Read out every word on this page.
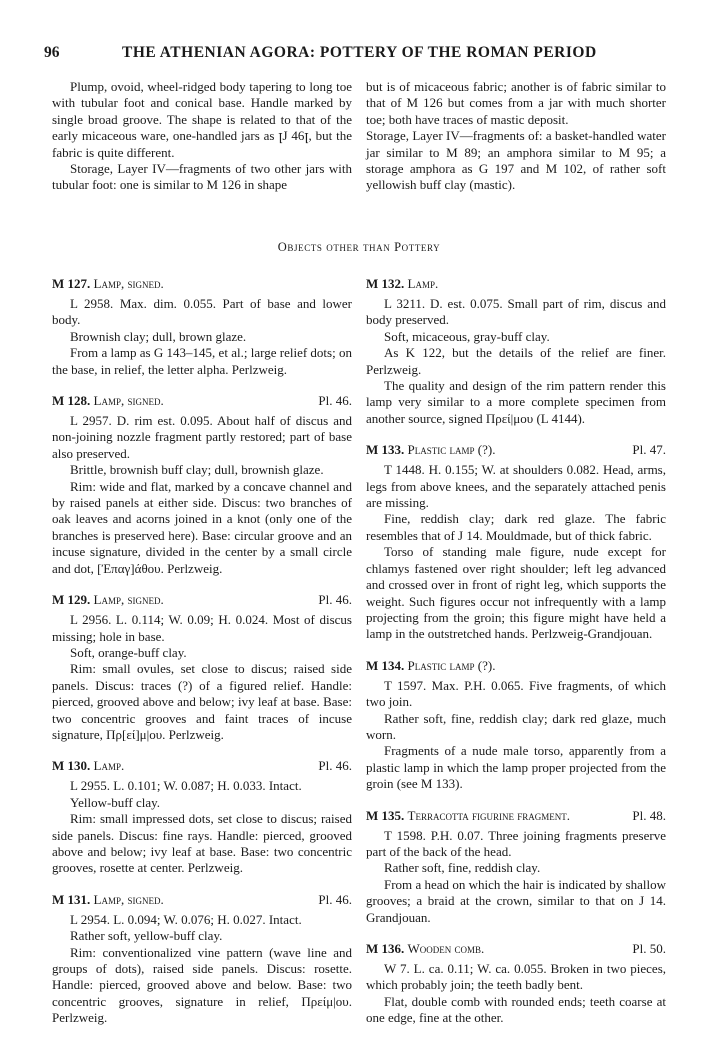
96	THE ATHENIAN AGORA: POTTERY OF THE ROMAN PERIOD

Plump, ovoid, wheel-ridged body tapering to long toe with tubular foot and conical base. Handle marked by single broad groove. The shape is related to that of the early micaceous ware, one-handled jars as ꞁJ 46ꞁ, but the fabric is quite different.

Storage, Layer IV—fragments of two other jars with tubular foot: one is similar to M 126 in shape

but is of micaceous fabric; another is of fabric similar to that of M 126 but comes from a jar with much shorter toe; both have traces of mastic deposit.

Storage, Layer IV—fragments of: a basket-handled water jar similar to M 89; an amphora similar to M 95; a storage amphora as G 197 and M 102, of rather soft yellowish buff clay (mastic).

Objects other than Pottery
M 127. Lamp, signed.

L 2958. Max. dim. 0.055. Part of base and lower body.

Brownish clay; dull, brown glaze.

From a lamp as G 143–145, et al.; large relief dots; on the base, in relief, the letter alpha. Perlzweig.

M 128. Lamp, signed.	Pl. 46.

L 2957. D. rim est. 0.095. About half of discus and non-joining nozzle fragment partly restored; part of base also preserved.

Brittle, brownish buff clay; dull, brownish glaze.

Rim: wide and flat, marked by a concave channel and by raised panels at either side. Discus: two branches of oak leaves and acorns joined in a knot (only one of the branches is preserved here). Base: circular groove and an incuse signature, divided in the center by a small circle and dot, [Ἐπαγ]άθου. Perlzweig.

M 129. Lamp, signed.	Pl. 46.

L 2956. L. 0.114; W. 0.09; H. 0.024. Most of discus missing; hole in base.

Soft, orange-buff clay.

Rim: small ovules, set close to discus; raised side panels. Discus: traces (?) of a figured relief. Handle: pierced, grooved above and below; ivy leaf at base. Base: two concentric grooves and faint traces of incuse signature, Πρ[εί]μ|ου. Perlzweig.

M 130. Lamp.	Pl. 46.

L 2955. L. 0.101; W. 0.087; H. 0.033. Intact.

Yellow-buff clay.

Rim: small impressed dots, set close to discus; raised side panels. Discus: fine rays. Handle: pierced, grooved above and below; ivy leaf at base. Base: two concentric grooves, rosette at center. Perlzweig.

M 131. Lamp, signed.	Pl. 46.

L 2954. L. 0.094; W. 0.076; H. 0.027. Intact.

Rather soft, yellow-buff clay.

Rim: conventionalized vine pattern (wave line and groups of dots), raised side panels. Discus: rosette. Handle: pierced, grooved above and below. Base: two concentric grooves, signature in relief, Πρείμ|ου. Perlzweig.

M 132. Lamp.

L 3211. D. est. 0.075. Small part of rim, discus and body preserved.

Soft, micaceous, gray-buff clay.

As K 122, but the details of the relief are finer. Perlzweig.

The quality and design of the rim pattern render this lamp very similar to a more complete specimen from another source, signed Πρεί|μου (L 4144).

M 133. Plastic lamp (?).	Pl. 47.

T 1448. H. 0.155; W. at shoulders 0.082. Head, arms, legs from above knees, and the separately attached penis are missing.

Fine, reddish clay; dark red glaze. The fabric resembles that of J 14. Mouldmade, but of thick fabric.

Torso of standing male figure, nude except for chlamys fastened over right shoulder; left leg advanced and crossed over in front of right leg, which supports the weight. Such figures occur not infrequently with a lamp projecting from the groin; this figure might have held a lamp in the outstretched hands. Perlzweig-Grandjouan.

M 134. Plastic lamp (?).

T 1597. Max. P.H. 0.065. Five fragments, of which two join.

Rather soft, fine, reddish clay; dark red glaze, much worn.

Fragments of a nude male torso, apparently from a plastic lamp in which the lamp proper projected from the groin (see M 133).

M 135. Terracotta figurine fragment.	Pl. 48.

T 1598. P.H. 0.07. Three joining fragments preserve part of the back of the head.

Rather soft, fine, reddish clay.

From a head on which the hair is indicated by shallow grooves; a braid at the crown, similar to that on J 14. Grandjouan.

M 136. Wooden comb.	Pl. 50.

W 7. L. ca. 0.11; W. ca. 0.055. Broken in two pieces, which probably join; the teeth badly bent.

Flat, double comb with rounded ends; teeth coarse at one edge, fine at the other.
